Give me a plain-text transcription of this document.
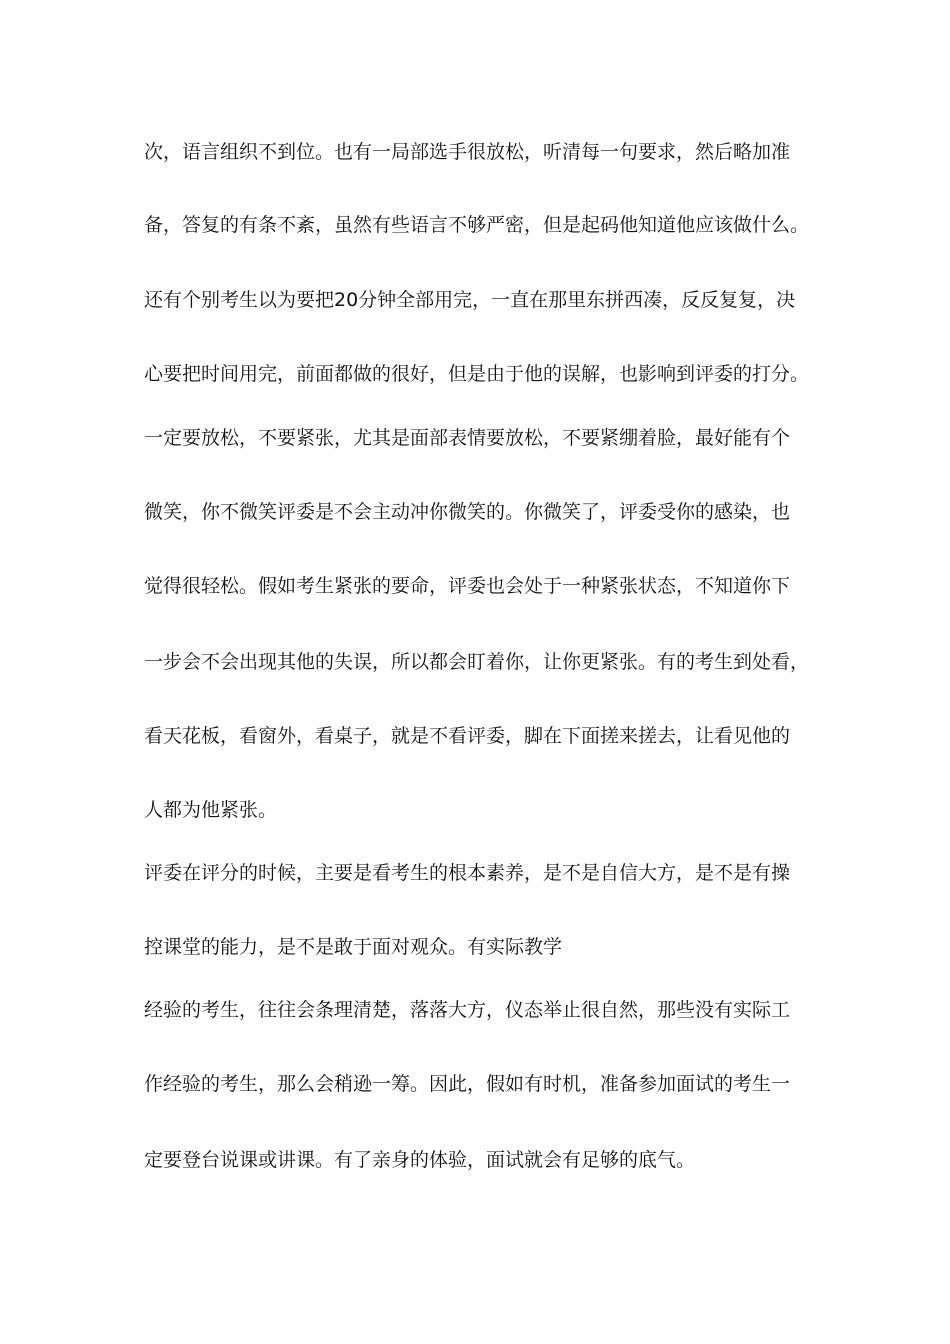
次，语言组织不到位。也有一局部选手很放松，听清每一句要求，然后略加准
备，答复的有条不紊，虽然有些语言不够严密，但是起码他知道他应该做什么。
还有个别考生以为要把20分钟全部用完，一直在那里东拼西凑，反反复复，决
心要把时间用完，前面都做的很好，但是由于他的误解，也影响到评委的打分。
一定要放松，不要紧张，尤其是面部表情要放松，不要紧绷着脸，最好能有个
微笑，你不微笑评委是不会主动冲你微笑的。你微笑了，评委受你的感染，也
觉得很轻松。假如考生紧张的要命，评委也会处于一种紧张状态，不知道你下
一步会不会出现其他的失误，所以都会盯着你，让你更紧张。有的考生到处看，
看天花板，看窗外，看桌子，就是不看评委，脚在下面搓来搓去，让看见他的
人都为他紧张。
评委在评分的时候，主要是看考生的根本素养，是不是自信大方，是不是有操
控课堂的能力，是不是敢于面对观众。有实际教学
经验的考生，往往会条理清楚，落落大方，仪态举止很自然，那些没有实际工
作经验的考生，那么会稍逊一筹。因此，假如有时机，准备参加面试的考生一
定要登台说课或讲课。有了亲身的体验，面试就会有足够的底气。
